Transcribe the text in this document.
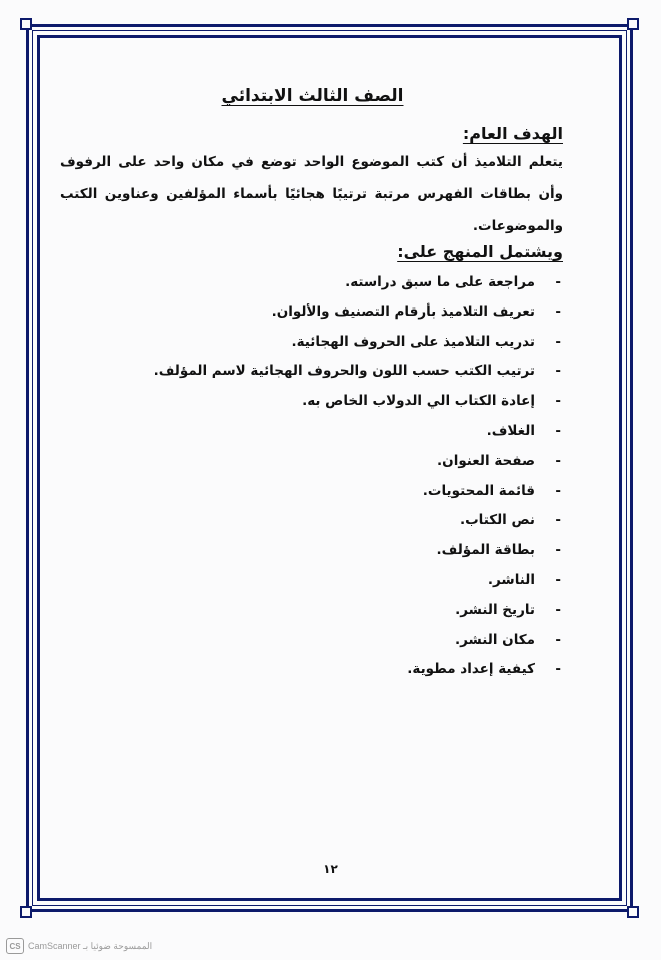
الصف الثالث الابتدائي
الهدف العام:
يتعلم التلاميذ أن كتب الموضوع الواحد توضع في مكان واحد على الرفوف وأن بطاقات الفهرس مرتبة ترتيبًا هجائيًا بأسماء المؤلفين وعناوين الكتب والموضوعات.
ويشتمل المنهج على:
-مراجعة على ما سبق دراسته.
-تعريف التلاميذ بأرقام التصنيف والألوان.
-تدريب التلاميذ على الحروف الهجائية.
-ترتيب الكتب حسب اللون والحروف الهجائية لاسم المؤلف.
-إعادة الكتاب الي الدولاب الخاص به.
-الغلاف.
-صفحة العنوان.
-قائمة المحتويات.
-نص الكتاب.
-بطاقة المؤلف.
-الناشر.
-تاريخ النشر.
-مكان النشر.
-كيفية إعداد مطوية.
١٢
CS CamScanner الممسوحة ضوئيا بـ
